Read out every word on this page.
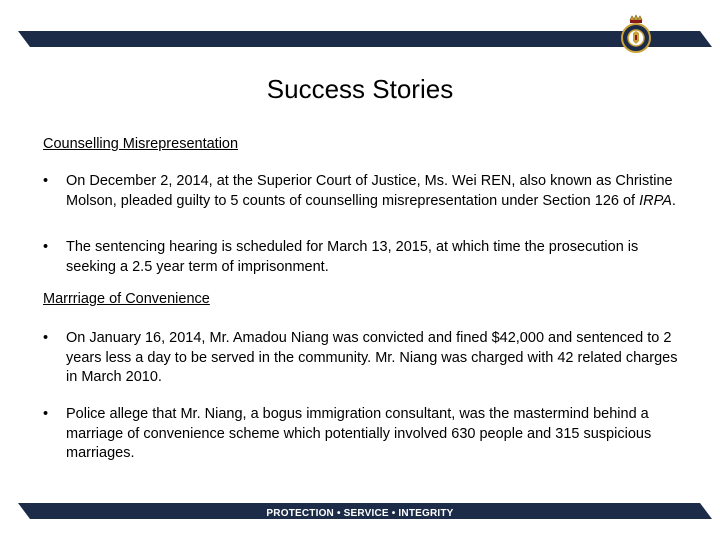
Success Stories
Counselling Misrepresentation
•	On December 2, 2014, at the Superior Court of Justice, Ms. Wei REN, also known as Christine Molson, pleaded guilty to 5 counts of counselling misrepresentation under Section 126 of IRPA.
•	The sentencing hearing is scheduled for March 13, 2015, at which time the prosecution is seeking a 2.5 year term of imprisonment.
Marrriage of Convenience
•	On January 16, 2014, Mr. Amadou Niang was convicted and fined $42,000 and sentenced to 2 years less a day to be served in the community. Mr. Niang was charged with 42 related charges in March 2010.
•	Police allege that Mr. Niang, a bogus immigration consultant, was the mastermind behind a marriage of convenience scheme which potentially involved 630 people and 315 suspicious marriages.
PROTECTION • SERVICE • INTEGRITY
